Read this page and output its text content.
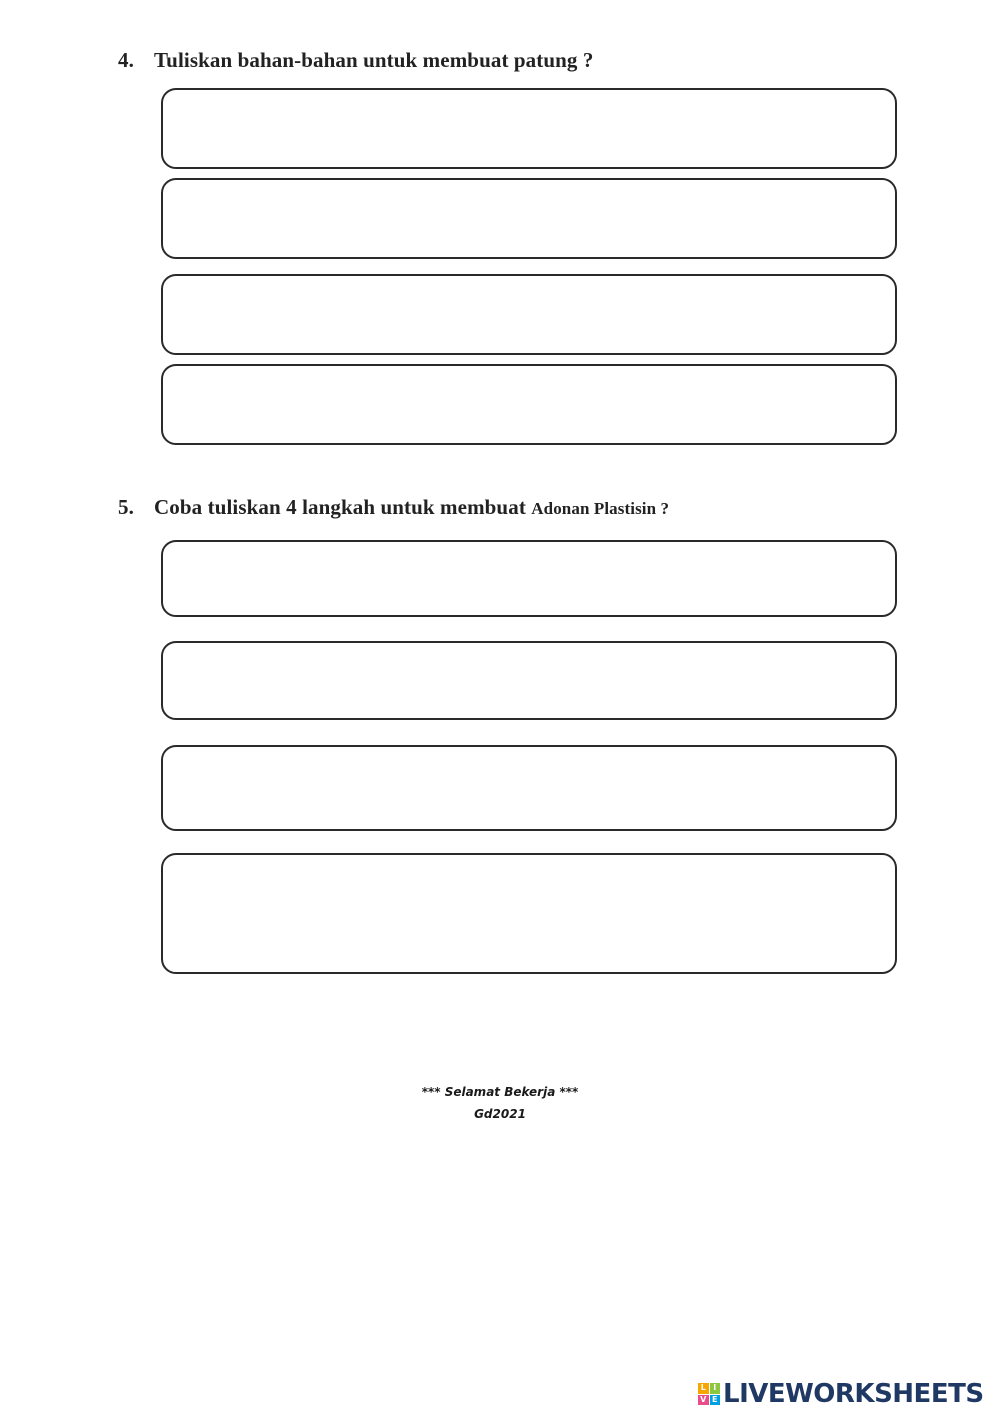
4. Tuliskan bahan-bahan untuk membuat patung ?
5. Coba tuliskan 4 langkah untuk membuat Adonan Plastisin ?
*** Selamat Bekerja ***
Gd2021
L I
V E LIVEWORKSHEETS
